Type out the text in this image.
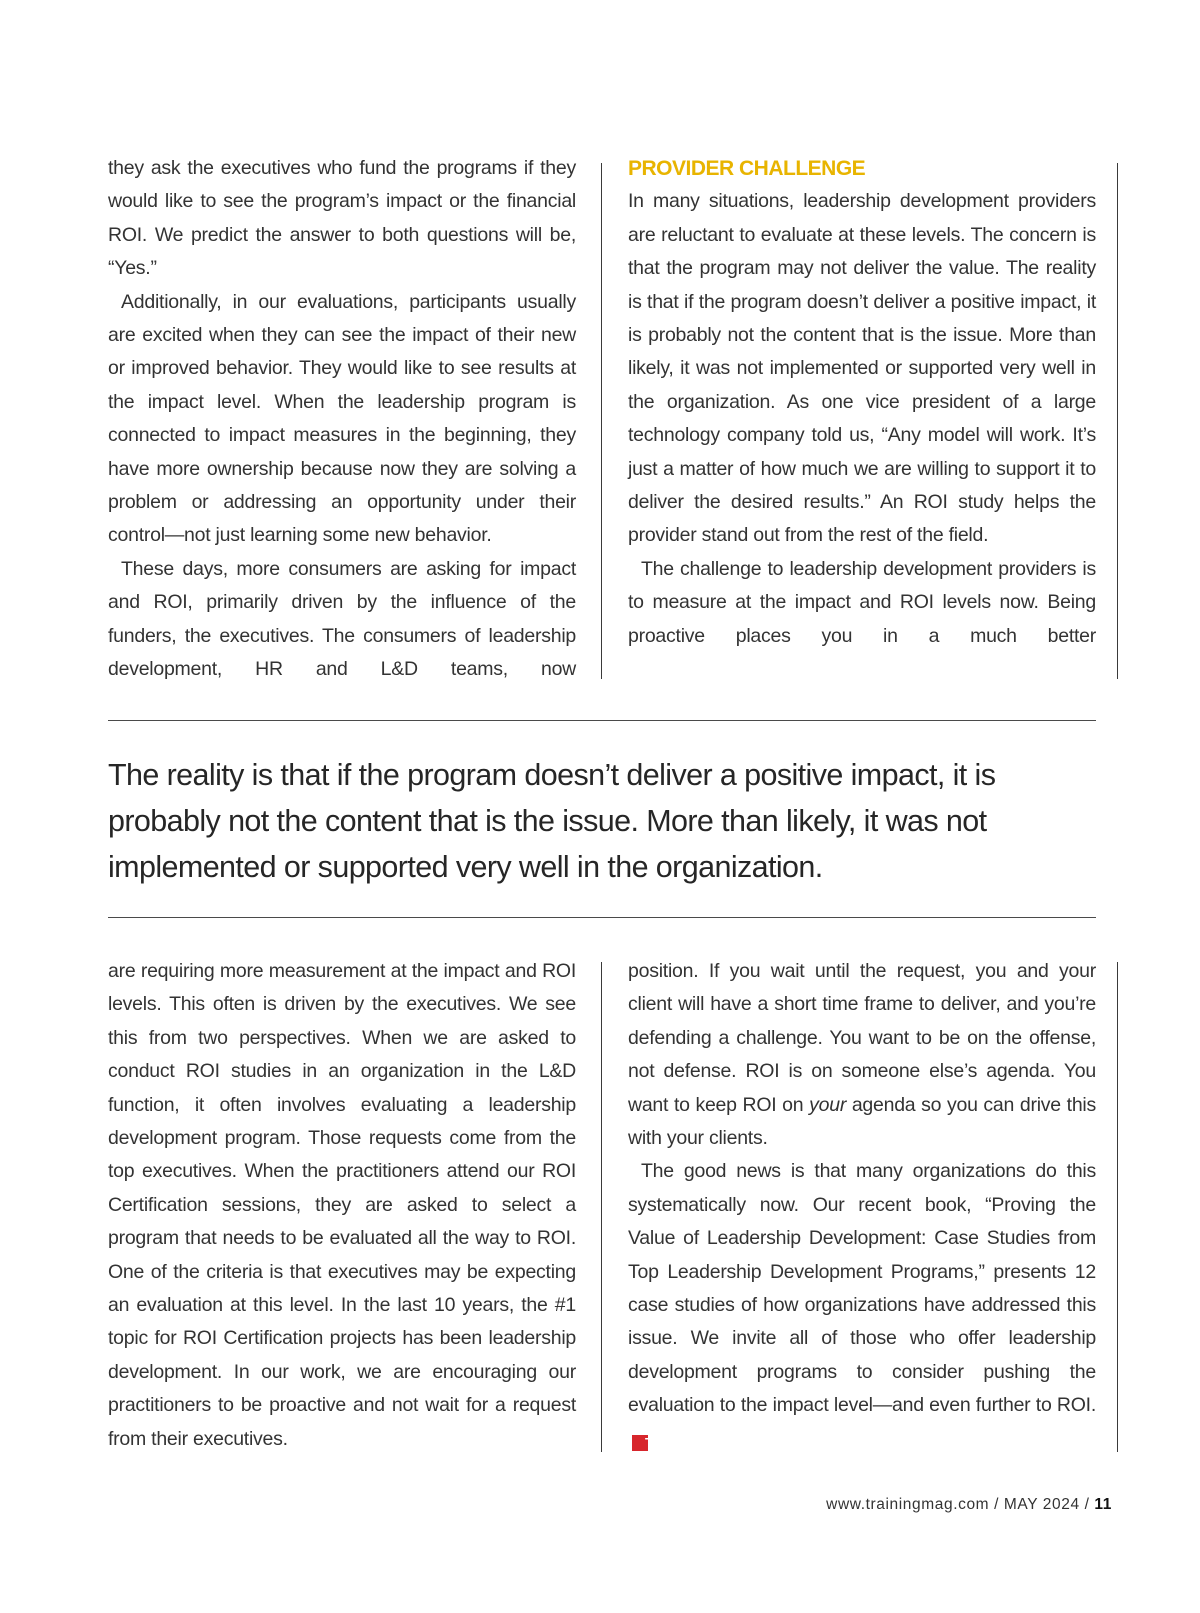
they ask the executives who fund the programs if they would like to see the program’s impact or the financial ROI. We predict the answer to both questions will be, “Yes.”

Additionally, in our evaluations, participants usually are excited when they can see the impact of their new or improved behavior. They would like to see results at the impact level. When the leadership program is connected to impact measures in the beginning, they have more ownership because now they are solving a problem or addressing an opportunity under their control—not just learning some new behavior.

These days, more consumers are asking for impact and ROI, primarily driven by the influence of the funders, the executives. The consumers of leadership development, HR and L&D teams, now

PROVIDER CHALLENGE

In many situations, leadership development providers are reluctant to evaluate at these levels. The concern is that the program may not deliver the value. The reality is that if the program doesn’t deliver a positive impact, it is probably not the content that is the issue. More than likely, it was not implemented or supported very well in the organization. As one vice president of a large technology company told us, “Any model will work. It’s just a matter of how much we are willing to support it to deliver the desired results.” An ROI study helps the provider stand out from the rest of the field.

The challenge to leadership development providers is to measure at the impact and ROI levels now. Being proactive places you in a much better

The reality is that if the program doesn’t deliver a positive impact, it is probably not the content that is the issue. More than likely, it was not implemented or supported very well in the organization.

are requiring more measurement at the impact and ROI levels. This often is driven by the executives. We see this from two perspectives. When we are asked to conduct ROI studies in an organization in the L&D function, it often involves evaluating a leadership development program. Those requests come from the top executives. When the practitioners attend our ROI Certification sessions, they are asked to select a program that needs to be evaluated all the way to ROI. One of the criteria is that executives may be expecting an evaluation at this level. In the last 10 years, the #1 topic for ROI Certification projects has been leadership development. In our work, we are encouraging our practitioners to be proactive and not wait for a request from their executives.

position. If you wait until the request, you and your client will have a short time frame to deliver, and you’re defending a challenge. You want to be on the offense, not defense. ROI is on someone else’s agenda. You want to keep ROI on your agenda so you can drive this with your clients.

The good news is that many organizations do this systematically now. Our recent book, “Proving the Value of Leadership Development: Case Studies from Top Leadership Development Programs,” presents 12 case studies of how organizations have addressed this issue. We invite all of those who offer leadership development programs to consider pushing the evaluation to the impact level—and even further to ROI.T

www.trainingmag.com / MAY 2024 / 11
